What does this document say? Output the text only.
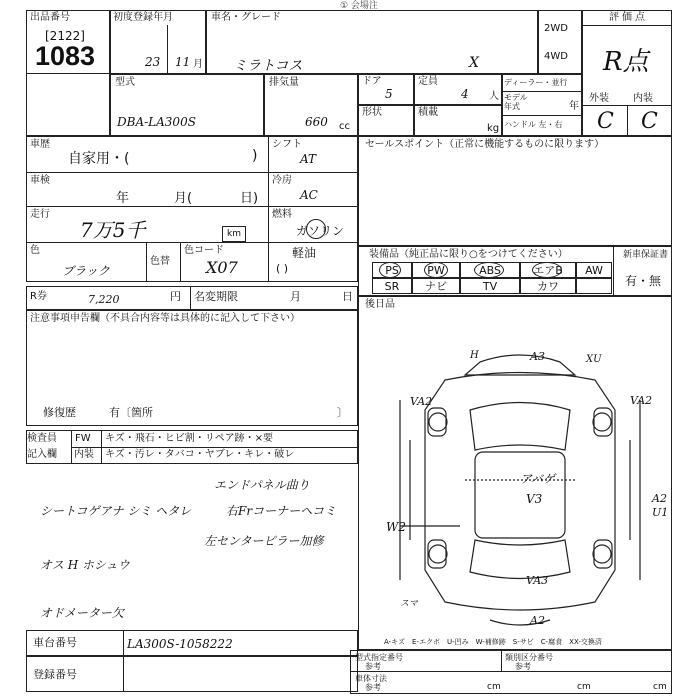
① 会場注
出品番号
[2122]
1083
初度登録年月
23 11 月
車名・グレード
ミラトコス	X
2WD
4WD
評価点
R点
外装 内装
C C
型式
DBA-LA300S
排気量
660 cc
ドア
5
定員
4 人
形状	積載
kg
ディーラー・並行
モデル年式	年
ハンドル 左・右
車歴
自家用・(	)
シフト
AT
車検
年	月(	日)
冷房
AC
走行
7万5千	km
燃料
ガソリン
軽油
( )
色
ブラック
色替
色コード
X07
R券	7,220	円 名変期限	月	日
注意事項申告欄（不具合内容等は具体的に記入して下さい）
修復歴	有〔箇所	〕
検査員
記入欄
FW キズ・飛石・ヒビ割・リペア跡・×要
内装 キズ・汚レ・タバコ・ヤブレ・キレ・破レ
エンドパネル曲り
シートコゲアナ シミ ヘタレ	右Frコーナーヘコミ
左センターピラー加修
オス H ホシュウ
オドメーター欠
セールスポイント（正常に機能するものに限ります）
装備品（純正品に限り○をつけてください）	新車保証書
有・無
PS	PW	ABS	エアB	AW
SR	ナビ	TV	カワ
後日品
H	A3	XU
VA2	VA2
アバゲ
V3	A2
U1
W2
VA3
スマ
A2
A-キズ　E-エクボ　U-凹み　W-補修跡　S-サビ　C-腐食　XX-交換済
車台番号	LA300S-1058222
登録番号
型式指定番号
参考
類別区分番号
参考
車体寸法
参考	cm	cm	cm
